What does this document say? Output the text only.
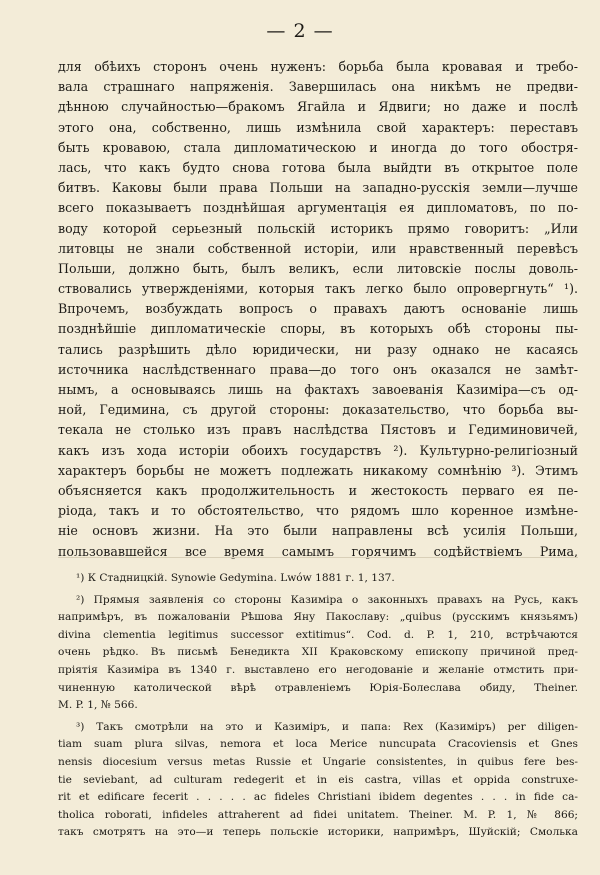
— 2 —
для обѣихъ сторонъ очень нуженъ: борьба была кровавая и требо-
вала страшнаго напряженія. Завершилась она никѣмъ не предви-
дѣнною случайностью—бракомъ Ягайла и Ядвиги; но даже и послѣ
этого она, собственно, лишь измѣнила свой характеръ: переставъ
быть кровавою, стала дипломатическою и иногда до того обостря-
лась, что какъ будто снова готова была выйдти въ открытое поле
битвъ. Каковы были права Польши на западно-русскія земли—лучше
всего показываетъ позднѣйшая аргументація ея дипломатовъ, по по-
воду которой серьезный польскій историкъ прямо говоритъ: „Или
литовцы не знали собственной исторіи, или нравственный перевѣсъ
Польши, должно быть, былъ великъ, если литовскіе послы доволь-
ствовались утвержденіями, которыя такъ легко было опровергнуть“ ¹).
Впрочемъ, возбуждать вопросъ о правахъ даютъ основаніе лишь
позднѣйшіе дипломатическіе споры, въ которыхъ обѣ стороны пы-
тались разрѣшить дѣло юридически, ни разу однако не касаясь
источника наслѣдственнаго права—до того онъ оказался не замѣт-
нымъ, а основываясь лишь на фактахъ завоеванія Казиміра—съ од-
ной, Гедимина, съ другой стороны: доказательство, что борьба вы-
текала не столько изъ правъ наслѣдства Пястовъ и Гедиминовичей,
какъ изъ хода исторіи обоихъ государствъ ²). Культурно-религіозный
характеръ борьбы не можетъ подлежать никакому сомнѣнію ³). Этимъ
объясняется какъ продолжительность и жестокость перваго ея пе-
ріода, такъ и то обстоятельство, что рядомъ шло коренное измѣне-
ніе основъ жизни. На это были направлены всѣ усилія Польши,
пользовавшейся все время самымъ горячимъ содѣйствіемъ Рима,
¹) К Стадницкій. Synowie Gedymina. Lwów 1881 г. 1, 137.
²) Прямыя заявленія со стороны Казиміра о законныхъ правахъ на Русь, какъ
напримѣръ, въ пожалованіи Рѣшова Яну Пакославу: „quibus (русскимъ князьямъ)
divina clementia legitimus successor extitimus“. Cod. d. P. 1, 210, встрѣчаются
очень рѣдко. Въ письмѣ Бенедикта XII Краковскому епископу причиной пред-
пріятія Казиміра въ 1340 г. выставлено его негодованіе и желаніе отмстить при-
чиненную католической вѣрѣ отравленіемъ Юрія-Болеслава обиду, Theiner.
M. P. 1, № 566.
³) Такъ смотрѣли на это и Казиміръ, и папа: Rex (Казиміръ) per diligen-
tiam suam plura silvas, nemora et loca Merice nuncupata Cracoviensis et Gnes
nensis diocesium versus metas Russie et Ungarie consistentes, in quibus fere bes-
tie seviebant, ad culturam redegerit et in eis castra, villas et oppida construxe-
rit et edificare fecerit . . . . . ac fideles Christiani ibidem degentes . . . in fide ca-
tholica roborati, infideles attraherent ad fidei unitatem. Theiner. M. P. 1, № 866;
такъ смотрятъ на это—и теперь польскіе историки, напримѣръ, Шуйскій; Смолька
